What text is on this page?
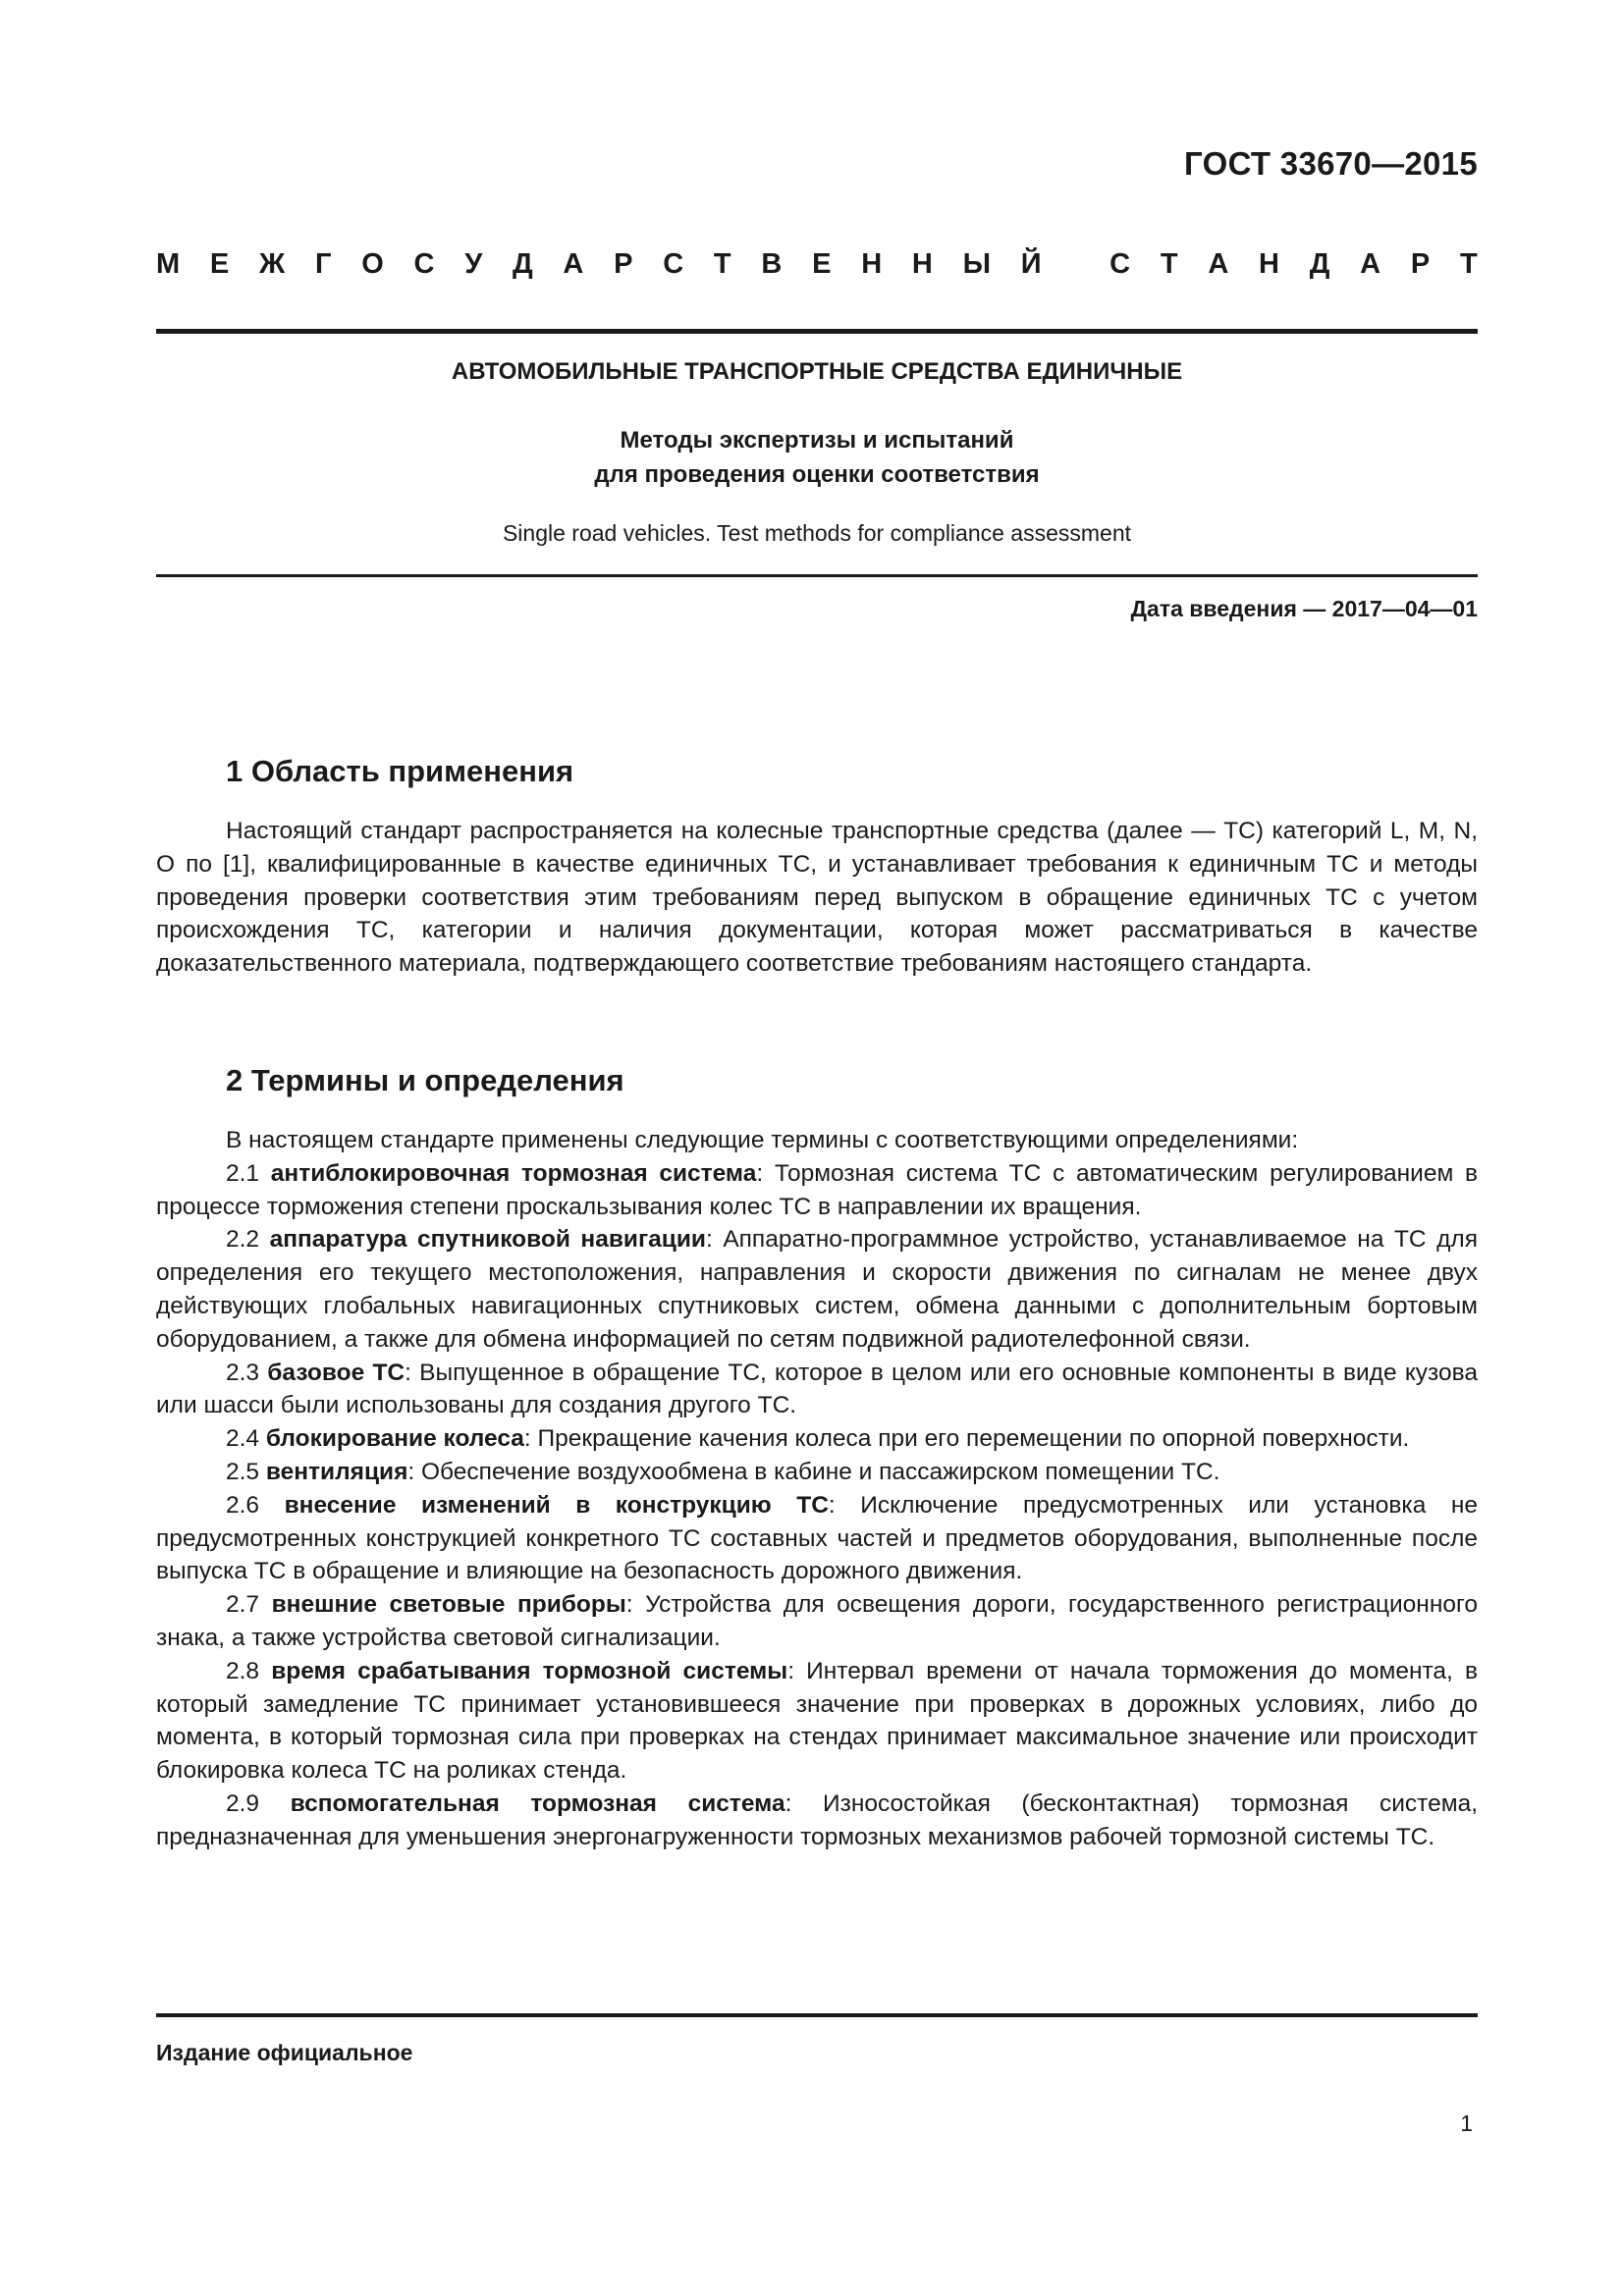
ГОСТ 33670—2015
М Е Ж Г О С У Д А Р С Т В Е Н Н Ы Й
С Т А Н Д А Р Т
АВТОМОБИЛЬНЫЕ ТРАНСПОРТНЫЕ СРЕДСТВА ЕДИНИЧНЫЕ
Методы экспертизы и испытаний
для проведения оценки соответствия
Single road vehicles. Test methods for compliance assessment
Дата введения — 2017—04—01
1 Область применения

Настоящий стандарт распространяется на колесные транспортные средства (далее — ТС) категорий L, M, N, O по [1], квалифицированные в качестве единичных ТС, и устанавливает требования к единичным ТС и методы проведения проверки соответствия этим требованиям перед выпуском в обращение единичных ТС с учетом происхождения ТС, категории и наличия документации, которая может рассматриваться в качестве доказательственного материала, подтверждающего соответствие требованиям настоящего стандарта.

2 Термины и определения

В настоящем стандарте применены следующие термины с соответствующими определениями:

2.1 антиблокировочная тормозная система: Тормозная система ТС с автоматическим регулированием в процессе торможения степени проскальзывания колес ТС в направлении их вращения.

2.2 аппаратура спутниковой навигации: Аппаратно-программное устройство, устанавливаемое на ТС для определения его текущего местоположения, направления и скорости движения по сигналам не менее двух действующих глобальных навигационных спутниковых систем, обмена данными с дополнительным бортовым оборудованием, а также для обмена информацией по сетям подвижной радиотелефонной связи.

2.3 базовое ТС: Выпущенное в обращение ТС, которое в целом или его основные компоненты в виде кузова или шасси были использованы для создания другого ТС.

2.4 блокирование колеса: Прекращение качения колеса при его перемещении по опорной поверхности.

2.5 вентиляция: Обеспечение воздухообмена в кабине и пассажирском помещении ТС.

2.6 внесение изменений в конструкцию ТС: Исключение предусмотренных или установка не предусмотренных конструкцией конкретного ТС составных частей и предметов оборудования, выполненные после выпуска ТС в обращение и влияющие на безопасность дорожного движения.

2.7 внешние световые приборы: Устройства для освещения дороги, государственного регистрационного знака, а также устройства световой сигнализации.

2.8 время срабатывания тормозной системы: Интервал времени от начала торможения до момента, в который замедление ТС принимает установившееся значение при проверках в дорожных условиях, либо до момента, в который тормозная сила при проверках на стендах принимает максимальное значение или происходит блокировка колеса ТС на роликах стенда.

2.9 вспомогательная тормозная система: Износостойкая (бесконтактная) тормозная система, предназначенная для уменьшения энергонагруженности тормозных механизмов рабочей тормозной системы ТС.

Издание официальное
1
